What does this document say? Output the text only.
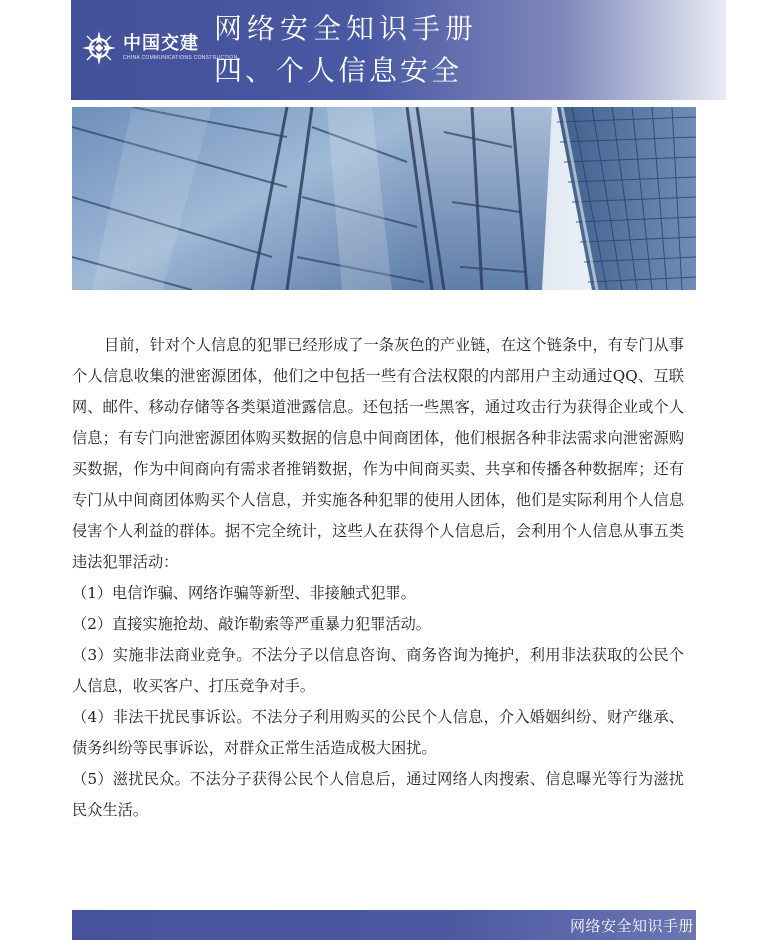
中国交建
CHINA COMMUNICATIONS CONSTRUCTION
网络安全知识手册
四、个人信息安全

目前，针对个人信息的犯罪已经形成了一条灰色的产业链，在这个链条中，有专门从事个人信息收集的泄密源团体，他们之中包括一些有合法权限的内部用户主动通过QQ、互联网、邮件、移动存储等各类渠道泄露信息。还包括一些黑客，通过攻击行为获得企业或个人信息；有专门向泄密源团体购买数据的信息中间商团体，他们根据各种非法需求向泄密源购买数据，作为中间商向有需求者推销数据，作为中间商买卖、共享和传播各种数据库；还有专门从中间商团体购买个人信息，并实施各种犯罪的使用人团体，他们是实际利用个人信息侵害个人利益的群体。据不完全统计，这些人在获得个人信息后，会利用个人信息从事五类违法犯罪活动：

（1）电信诈骗、网络诈骗等新型、非接触式犯罪。

（2）直接实施抢劫、敲诈勒索等严重暴力犯罪活动。

（3）实施非法商业竞争。不法分子以信息咨询、商务咨询为掩护，利用非法获取的公民个人信息，收买客户、打压竞争对手。

（4）非法干扰民事诉讼。不法分子利用购买的公民个人信息，介入婚姻纠纷、财产继承、债务纠纷等民事诉讼，对群众正常生活造成极大困扰。

（5）滋扰民众。不法分子获得公民个人信息后，通过网络人肉搜索、信息曝光等行为滋扰民众生活。

网络安全知识手册
